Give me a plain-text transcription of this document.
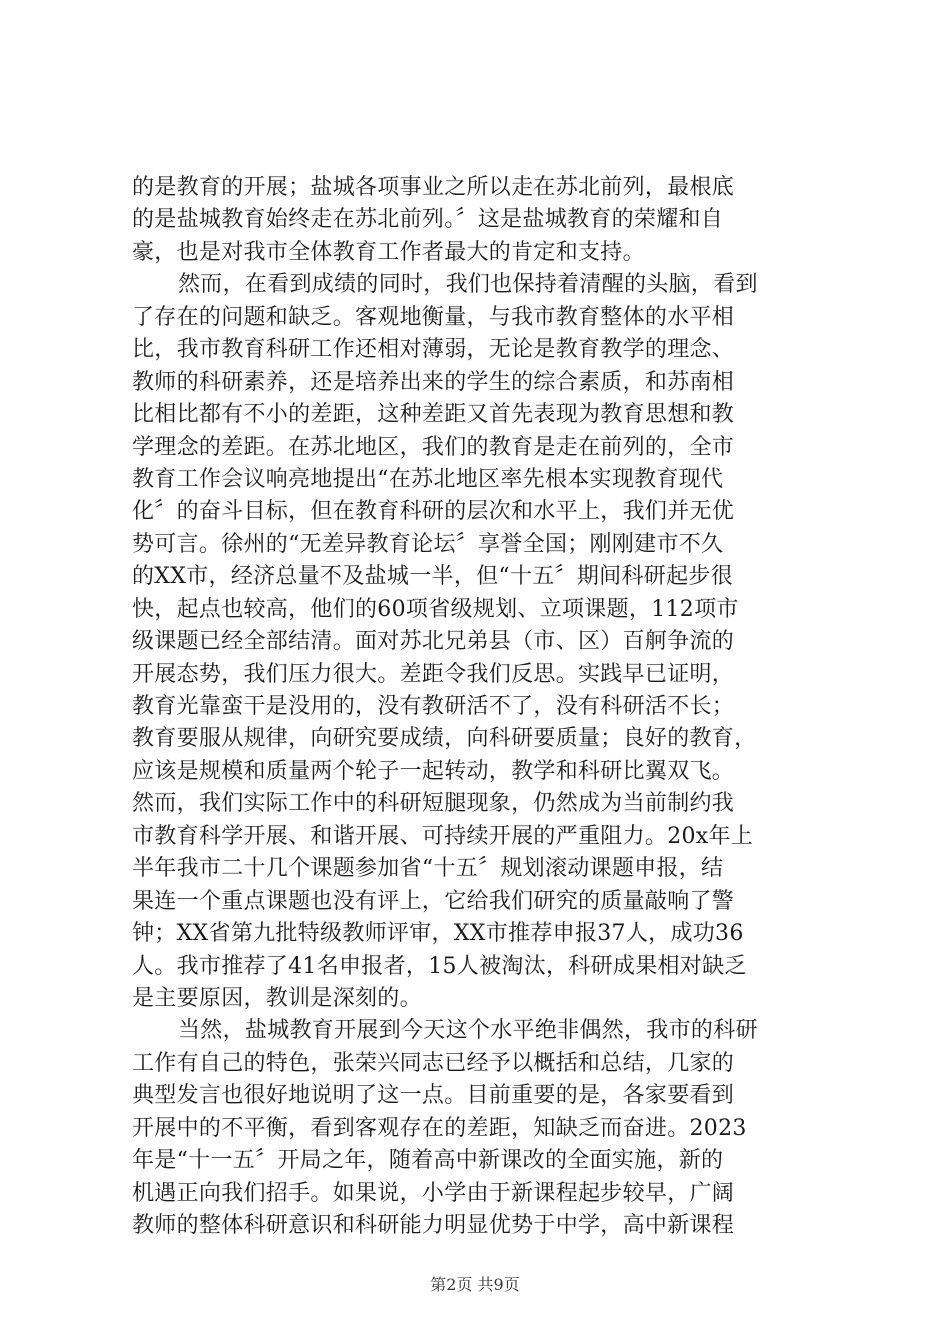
的是教育的开展；盐城各项事业之所以走在苏北前列，最根底
的是盐城教育始终走在苏北前列。〞这是盐城教育的荣耀和自
豪，也是对我市全体教育工作者最大的肯定和支持。
然而，在看到成绩的同时，我们也保持着清醒的头脑，看到
了存在的问题和缺乏。客观地衡量，与我市教育整体的水平相
比，我市教育科研工作还相对薄弱，无论是教育教学的理念、
教师的科研素养，还是培养出来的学生的综合素质，和苏南相
比相比都有不小的差距，这种差距又首先表现为教育思想和教
学理念的差距。在苏北地区，我们的教育是走在前列的，全市
教育工作会议响亮地提出“在苏北地区率先根本实现教育现代
化〞的奋斗目标，但在教育科研的层次和水平上，我们并无优
势可言。徐州的“无差异教育论坛〞享誉全国；刚刚建市不久
的XX市，经济总量不及盐城一半，但“十五〞期间科研起步很
快，起点也较高，他们的60项省级规划、立项课题，112项市
级课题已经全部结清。面对苏北兄弟县（市、区）百舸争流的
开展态势，我们压力很大。差距令我们反思。实践早已证明，
教育光靠蛮干是没用的，没有教研活不了，没有科研活不长；
教育要服从规律，向研究要成绩，向科研要质量；良好的教育，
应该是规模和质量两个轮子一起转动，教学和科研比翼双飞。
然而，我们实际工作中的科研短腿现象，仍然成为当前制约我
市教育科学开展、和谐开展、可持续开展的严重阻力。20x年上
半年我市二十几个课题参加省“十五〞规划滚动课题申报，结
果连一个重点课题也没有评上，它给我们研究的质量敲响了警
钟；XX省第九批特级教师评审，XX市推荐申报37人，成功36
人。我市推荐了41名申报者，15人被淘汰，科研成果相对缺乏
是主要原因，教训是深刻的。
当然，盐城教育开展到今天这个水平绝非偶然，我市的科研
工作有自己的特色，张荣兴同志已经予以概括和总结，几家的
典型发言也很好地说明了这一点。目前重要的是，各家要看到
开展中的不平衡，看到客观存在的差距，知缺乏而奋进。2023
年是“十一五〞开局之年，随着高中新课改的全面实施，新的
机遇正向我们招手。如果说，小学由于新课程起步较早，广阔
教师的整体科研意识和科研能力明显优势于中学，高中新课程
第2页 共9页
